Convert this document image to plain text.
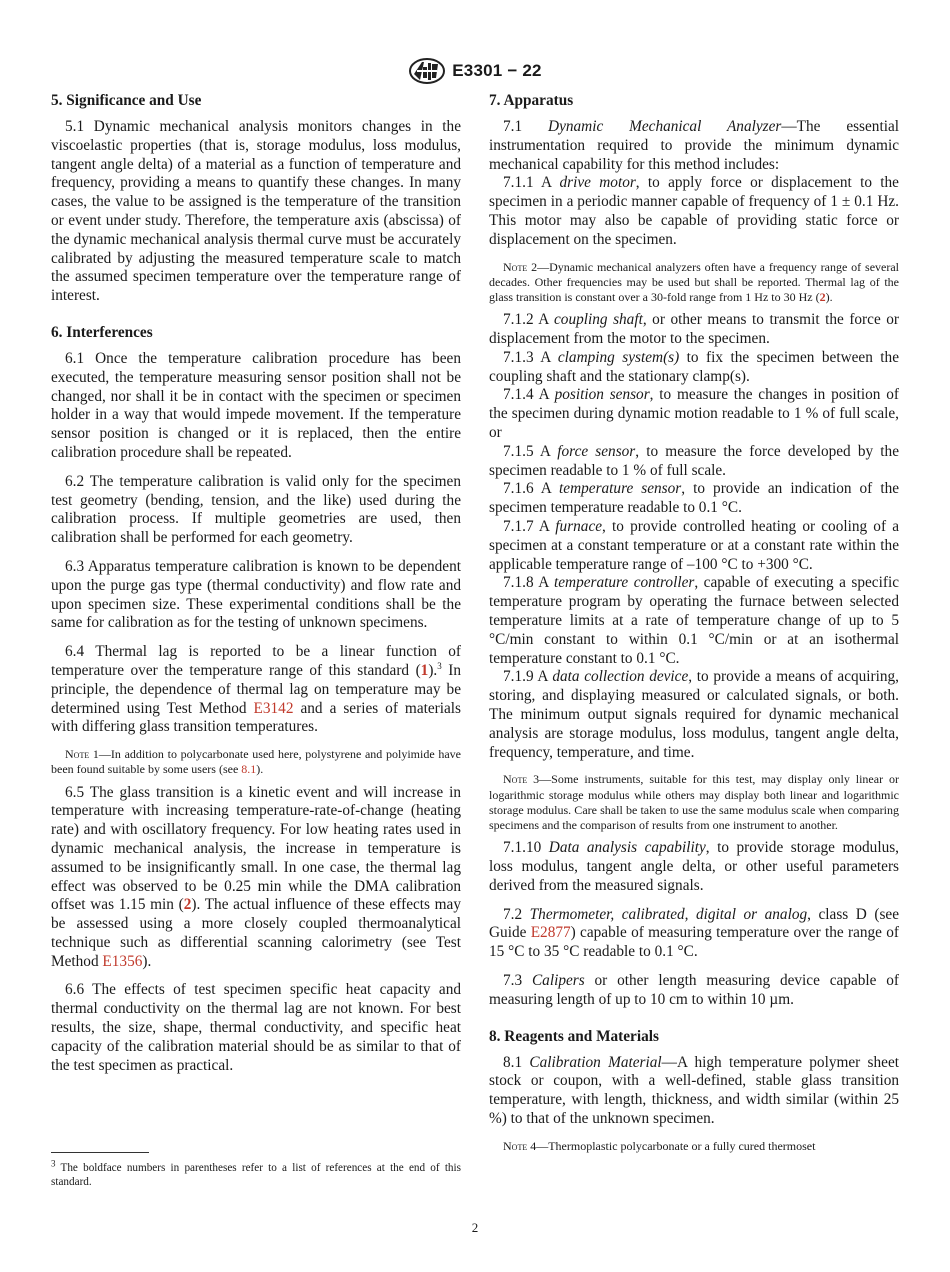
E3301 − 22
5. Significance and Use

5.1 Dynamic mechanical analysis monitors changes in the viscoelastic properties (that is, storage modulus, loss modulus, tangent angle delta) of a material as a function of temperature and frequency, providing a means to quantify these changes. In many cases, the value to be assigned is the temperature of the transition or event under study. Therefore, the temperature axis (abscissa) of the dynamic mechanical analysis thermal curve must be accurately calibrated by adjusting the measured temperature scale to match the assumed specimen temperature over the temperature range of interest.

6. Interferences

6.1 Once the temperature calibration procedure has been executed, the temperature measuring sensor position shall not be changed, nor shall it be in contact with the specimen or specimen holder in a way that would impede movement. If the temperature sensor position is changed or it is replaced, then the entire calibration procedure shall be repeated.

6.2 The temperature calibration is valid only for the specimen test geometry (bending, tension, and the like) used during the calibration process. If multiple geometries are used, then calibration shall be performed for each geometry.

6.3 Apparatus temperature calibration is known to be dependent upon the purge gas type (thermal conductivity) and flow rate and upon specimen size. These experimental conditions shall be the same for calibration as for the testing of unknown specimens.

6.4 Thermal lag is reported to be a linear function of temperature over the temperature range of this standard (1).$^3$ In principle, the dependence of thermal lag on temperature may be determined using Test Method E3142 and a series of materials with differing glass transition temperatures.

Note 1—In addition to polycarbonate used here, polystyrene and polyimide have been found suitable by some users (see 8.1).

6.5 The glass transition is a kinetic event and will increase in temperature with increasing temperature-rate-of-change (heating rate) and with oscillatory frequency. For low heating rates used in dynamic mechanical analysis, the increase in temperature is assumed to be insignificantly small. In one case, the thermal lag effect was observed to be 0.25 min while the DMA calibration offset was 1.15 min (2). The actual influence of these effects may be assessed using a more closely coupled thermoanalytical technique such as differential scanning calorimetry (see Test Method E1356).

6.6 The effects of test specimen specific heat capacity and thermal conductivity on the thermal lag are not known. For best results, the size, shape, thermal conductivity, and specific heat capacity of the calibration material should be as similar to that of the test specimen as practical.

7. Apparatus

7.1 Dynamic Mechanical Analyzer—The essential instrumentation required to provide the minimum dynamic mechanical capability for this method includes:

7.1.1 A drive motor, to apply force or displacement to the specimen in a periodic manner capable of frequency of 1 ± 0.1 Hz. This motor may also be capable of providing static force or displacement on the specimen.

Note 2—Dynamic mechanical analyzers often have a frequency range of several decades. Other frequencies may be used but shall be reported. Thermal lag of the glass transition is constant over a 30-fold range from 1 Hz to 30 Hz (2).

7.1.2 A coupling shaft, or other means to transmit the force or displacement from the motor to the specimen.

7.1.3 A clamping system(s) to fix the specimen between the coupling shaft and the stationary clamp(s).

7.1.4 A position sensor, to measure the changes in position of the specimen during dynamic motion readable to 1 % of full scale, or

7.1.5 A force sensor, to measure the force developed by the specimen readable to 1 % of full scale.

7.1.6 A temperature sensor, to provide an indication of the specimen temperature readable to 0.1 °C.

7.1.7 A furnace, to provide controlled heating or cooling of a specimen at a constant temperature or at a constant rate within the applicable temperature range of –100 °C to +300 °C.

7.1.8 A temperature controller, capable of executing a specific temperature program by operating the furnace between selected temperature limits at a rate of temperature change of up to 5 °C/min constant to within 0.1 °C/min or at an isothermal temperature constant to 0.1 °C.

7.1.9 A data collection device, to provide a means of acquiring, storing, and displaying measured or calculated signals, or both. The minimum output signals required for dynamic mechanical analysis are storage modulus, loss modulus, tangent angle delta, frequency, temperature, and time.

Note 3—Some instruments, suitable for this test, may display only linear or logarithmic storage modulus while others may display both linear and logarithmic storage modulus. Care shall be taken to use the same modulus scale when comparing specimens and the comparison of results from one instrument to another.

7.1.10 Data analysis capability, to provide storage modulus, loss modulus, tangent angle delta, or other useful parameters derived from the measured signals.

7.2 Thermometer, calibrated, digital or analog, class D (see Guide E2877) capable of measuring temperature over the range of 15 °C to 35 °C readable to 0.1 °C.

7.3 Calipers or other length measuring device capable of measuring length of up to 10 cm to within 10 µm.

8. Reagents and Materials

8.1 Calibration Material—A high temperature polymer sheet stock or coupon, with a well-defined, stable glass transition temperature, with length, thickness, and width similar (within 25 %) to that of the unknown specimen.

Note 4—Thermoplastic polycarbonate or a fully cured thermoset
$^3$ The boldface numbers in parentheses refer to a list of references at the end of this standard.
2
